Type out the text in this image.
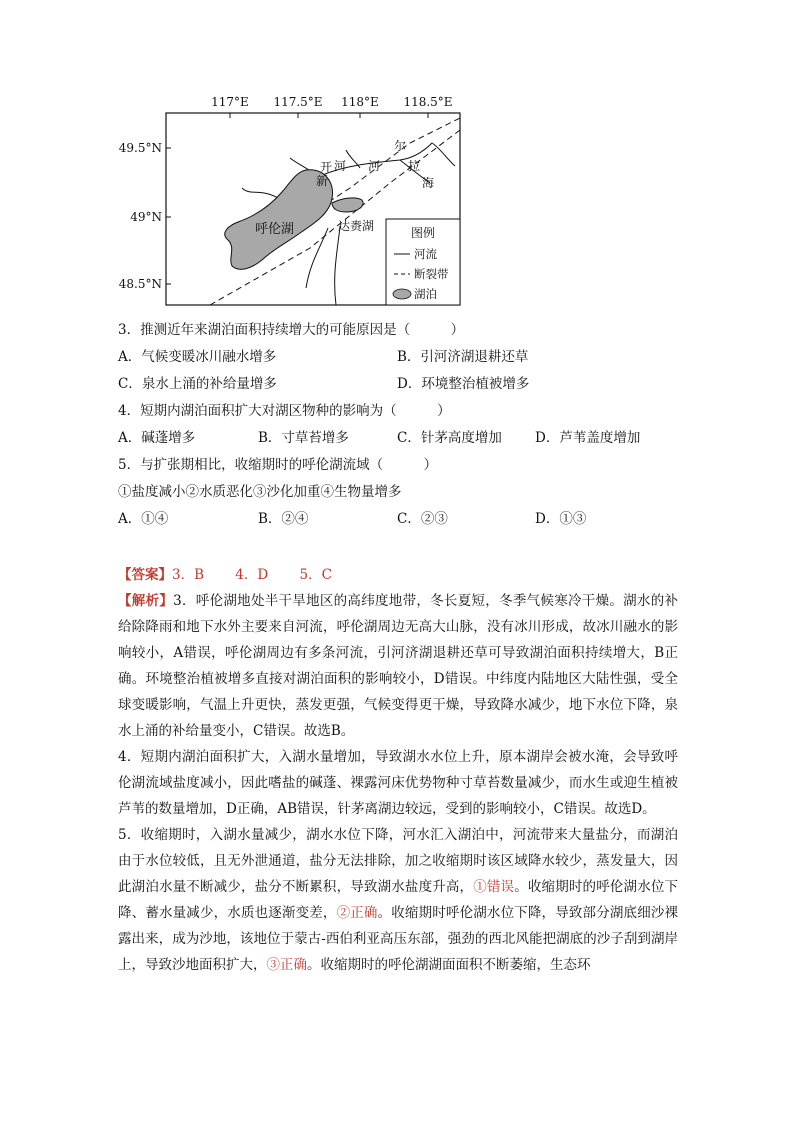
117°E 117.5°E 118°E 118.5°E
49.5°N
49°N
48.5°N
呼伦湖	达赉湖
新
开 河 河
尔
拉
海
图例
河流
断裂带
湖泊
3．推测近年来湖泊面积持续增大的可能原因是（　　　）
A．气候变暖冰川融水增多	B．引河济湖退耕还草
C．泉水上涌的补给量增多	D．环境整治植被增多
4．短期内湖泊面积扩大对湖区物种的影响为（　　　）
A．碱蓬增多	B．寸草苔增多	C．针茅高度增加 D．芦苇盖度增加
5．与扩张期相比，收缩期时的呼伦湖流域（　　　）
①盐度减小②水质恶化③沙化加重④生物量增多
A．①④	B．②④	C．②③	D．①③

【答案】3．B　　 4．D　　 5．C

【解析】3．呼伦湖地处半干旱地区的高纬度地带，冬长夏短，冬季气候寒冷干燥。湖水的补给除降雨和地下水外主要来自河流，呼伦湖周边无高大山脉，没有冰川形成，故冰川融水的影响较小，A错误，呼伦湖周边有多条河流，引河济湖退耕还草可导致湖泊面积持续增大，B正确。环境整治植被增多直接对湖泊面积的影响较小，D错误。中纬度内陆地区大陆性强，受全球变暖影响，气温上升更快，蒸发更强，气候变得更干燥，导致降水减少，地下水位下降，泉水上涌的补给量变小，C错误。故选B。

4．短期内湖泊面积扩大，入湖水量增加，导致湖水水位上升，原本湖岸会被水淹，会导致呼伦湖流域盐度减小，因此嗜盐的碱蓬、裸露河床优势物种寸草苔数量减少，而水生或迎生植被芦苇的数量增加，D正确，AB错误，针茅离湖边较远，受到的影响较小，C错误。故选D。

5．收缩期时，入湖水量减少，湖水水位下降，河水汇入湖泊中，河流带来大量盐分，而湖泊由于水位较低，且无外泄通道，盐分无法排除，加之收缩期时该区域降水较少，蒸发量大，因此湖泊水量不断减少，盐分不断累积，导致湖水盐度升高，①错误。收缩期时的呼伦湖水位下降、蓄水量减少，水质也逐渐变差，②正确。收缩期时呼伦湖水位下降，导致部分湖底细沙裸露出来，成为沙地，该地位于蒙古-西伯利亚高压东部，强劲的西北风能把湖底的沙子刮到湖岸上，导致沙地面积扩大，③正确。收缩期时的呼伦湖湖面面积不断萎缩，生态环
